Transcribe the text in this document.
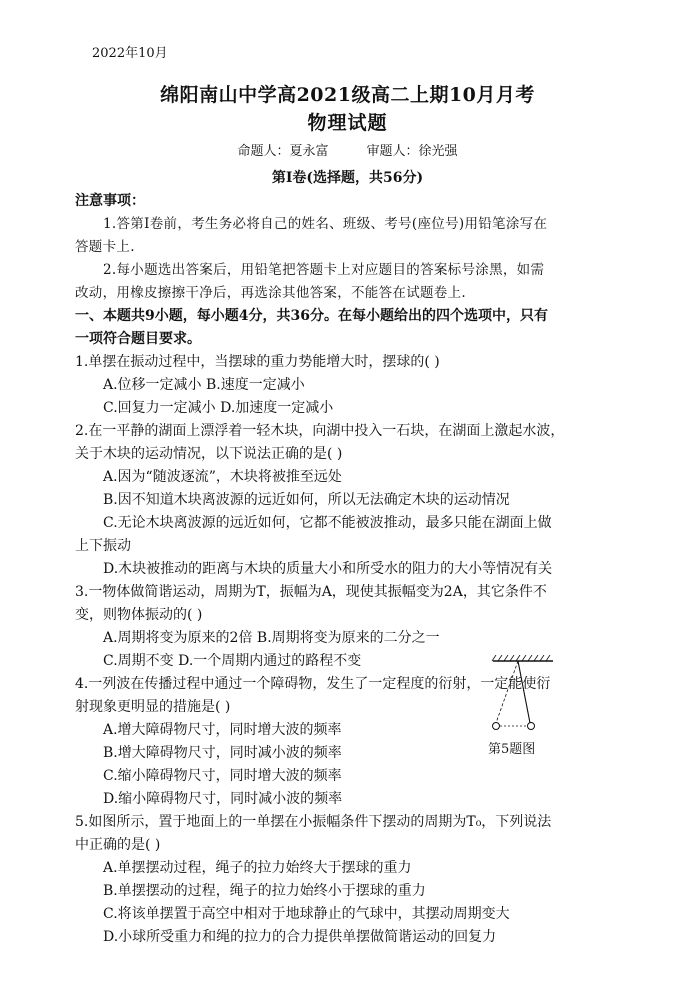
2022年10月
绵阳南山中学高2021级高二上期10月月考
物理试题
命题人：夏永富	审题人：徐光强
第Ⅰ卷(选择题，共56分)
注意事项：
1.答第Ⅰ卷前，考生务必将自己的姓名、班级、考号(座位号)用铅笔涂写在
答题卡上.
2.每小题选出答案后，用铅笔把答题卡上对应题目的答案标号涂黑，如需
改动，用橡皮擦擦干净后，再选涂其他答案，不能答在试题卷上.
一、本题共9小题，每小题4分，共36分。在每小题给出的四个选项中，只有
一项符合题目要求。
1.单摆在振动过程中，当摆球的重力势能增大时，摆球的( )
A.位移一定减小 B.速度一定减小
C.回复力一定减小 D.加速度一定减小
2.在一平静的湖面上漂浮着一轻木块，向湖中投入一石块，在湖面上激起水波，
关于木块的运动情况，以下说法正确的是( )
A.因为“随波逐流”，木块将被推至远处
B.因不知道木块离波源的远近如何，所以无法确定木块的运动情况
C.无论木块离波源的远近如何，它都不能被波推动，最多只能在湖面上做
上下振动
D.木块被推动的距离与木块的质量大小和所受水的阻力的大小等情况有关
3.一物体做简谐运动，周期为T，振幅为A，现使其振幅变为2A，其它条件不
变，则物体振动的( )
A.周期将变为原来的2倍 B.周期将变为原来的二分之一
C.周期不变 D.一个周期内通过的路程不变
4.一列波在传播过程中通过一个障碍物，发生了一定程度的衍射，一定能使衍
射现象更明显的措施是( )
A.增大障碍物尺寸，同时增大波的频率
B.增大障碍物尺寸，同时减小波的频率
C.缩小障碍物尺寸，同时增大波的频率
D.缩小障碍物尺寸，同时减小波的频率
5.如图所示，置于地面上的一单摆在小振幅条件下摆动的周期为T₀，下列说法
中正确的是( )
A.单摆摆动过程，绳子的拉力始终大于摆球的重力
B.单摆摆动的过程，绳子的拉力始终小于摆球的重力
C.将该单摆置于高空中相对于地球静止的气球中，其摆动周期变大
D.小球所受重力和绳的拉力的合力提供单摆做简谐运动的回复力
第5题图
